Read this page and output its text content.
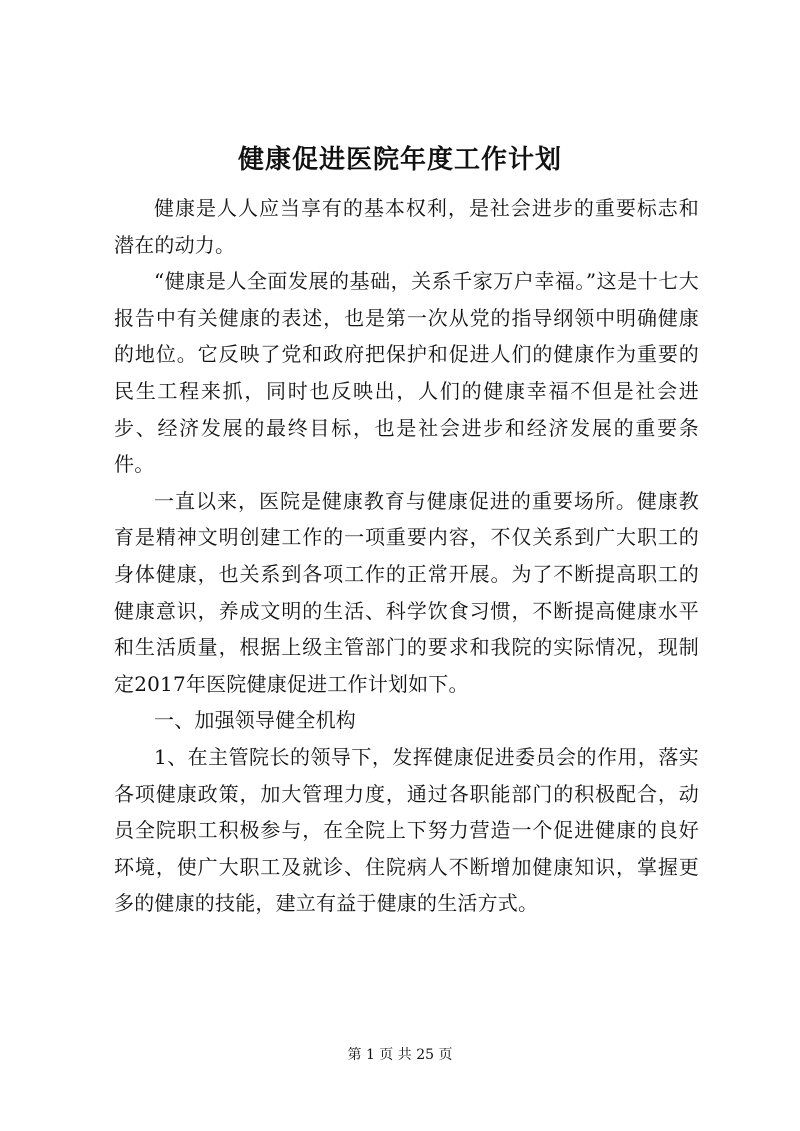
健康促进医院年度工作计划

健康是人人应当享有的基本权利，是社会进步的重要标志和潜在的动力。

“健康是人全面发展的基础，关系千家万户幸福。”这是十七大报告中有关健康的表述，也是第一次从党的指导纲领中明确健康的地位。它反映了党和政府把保护和促进人们的健康作为重要的民生工程来抓，同时也反映出，人们的健康幸福不但是社会进步、经济发展的最终目标，也是社会进步和经济发展的重要条件。

一直以来，医院是健康教育与健康促进的重要场所。健康教育是精神文明创建工作的一项重要内容，不仅关系到广大职工的身体健康，也关系到各项工作的正常开展。为了不断提高职工的健康意识，养成文明的生活、科学饮食习惯，不断提高健康水平和生活质量，根据上级主管部门的要求和我院的实际情况，现制定2017年医院健康促进工作计划如下。

一、加强领导健全机构

1、在主管院长的领导下，发挥健康促进委员会的作用，落实各项健康政策，加大管理力度，通过各职能部门的积极配合，动员全院职工积极参与，在全院上下努力营造一个促进健康的良好环境，使广大职工及就诊、住院病人不断增加健康知识，掌握更多的健康的技能，建立有益于健康的生活方式。

第 1 页 共 25 页
